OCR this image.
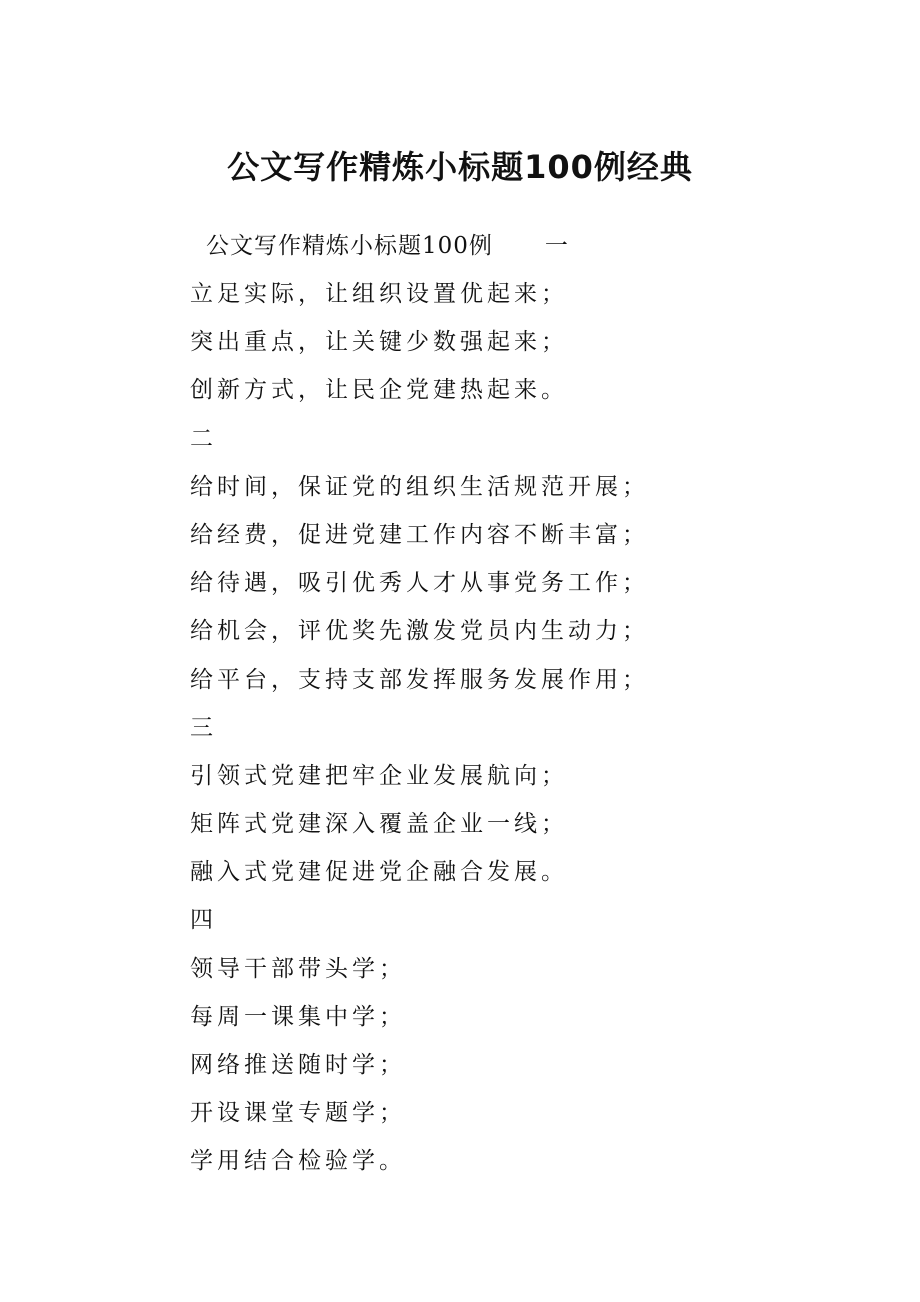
公文写作精炼小标题100例经典
公文写作精炼小标题100例 一
立足实际，让组织设置优起来；
突出重点，让关键少数强起来；
创新方式，让民企党建热起来。
二
给时间，保证党的组织生活规范开展；
给经费，促进党建工作内容不断丰富；
给待遇，吸引优秀人才从事党务工作；
给机会，评优奖先激发党员内生动力；
给平台，支持支部发挥服务发展作用；
三
引领式党建把牢企业发展航向；
矩阵式党建深入覆盖企业一线；
融入式党建促进党企融合发展。
四
领导干部带头学；
每周一课集中学；
网络推送随时学；
开设课堂专题学；
学用结合检验学。
